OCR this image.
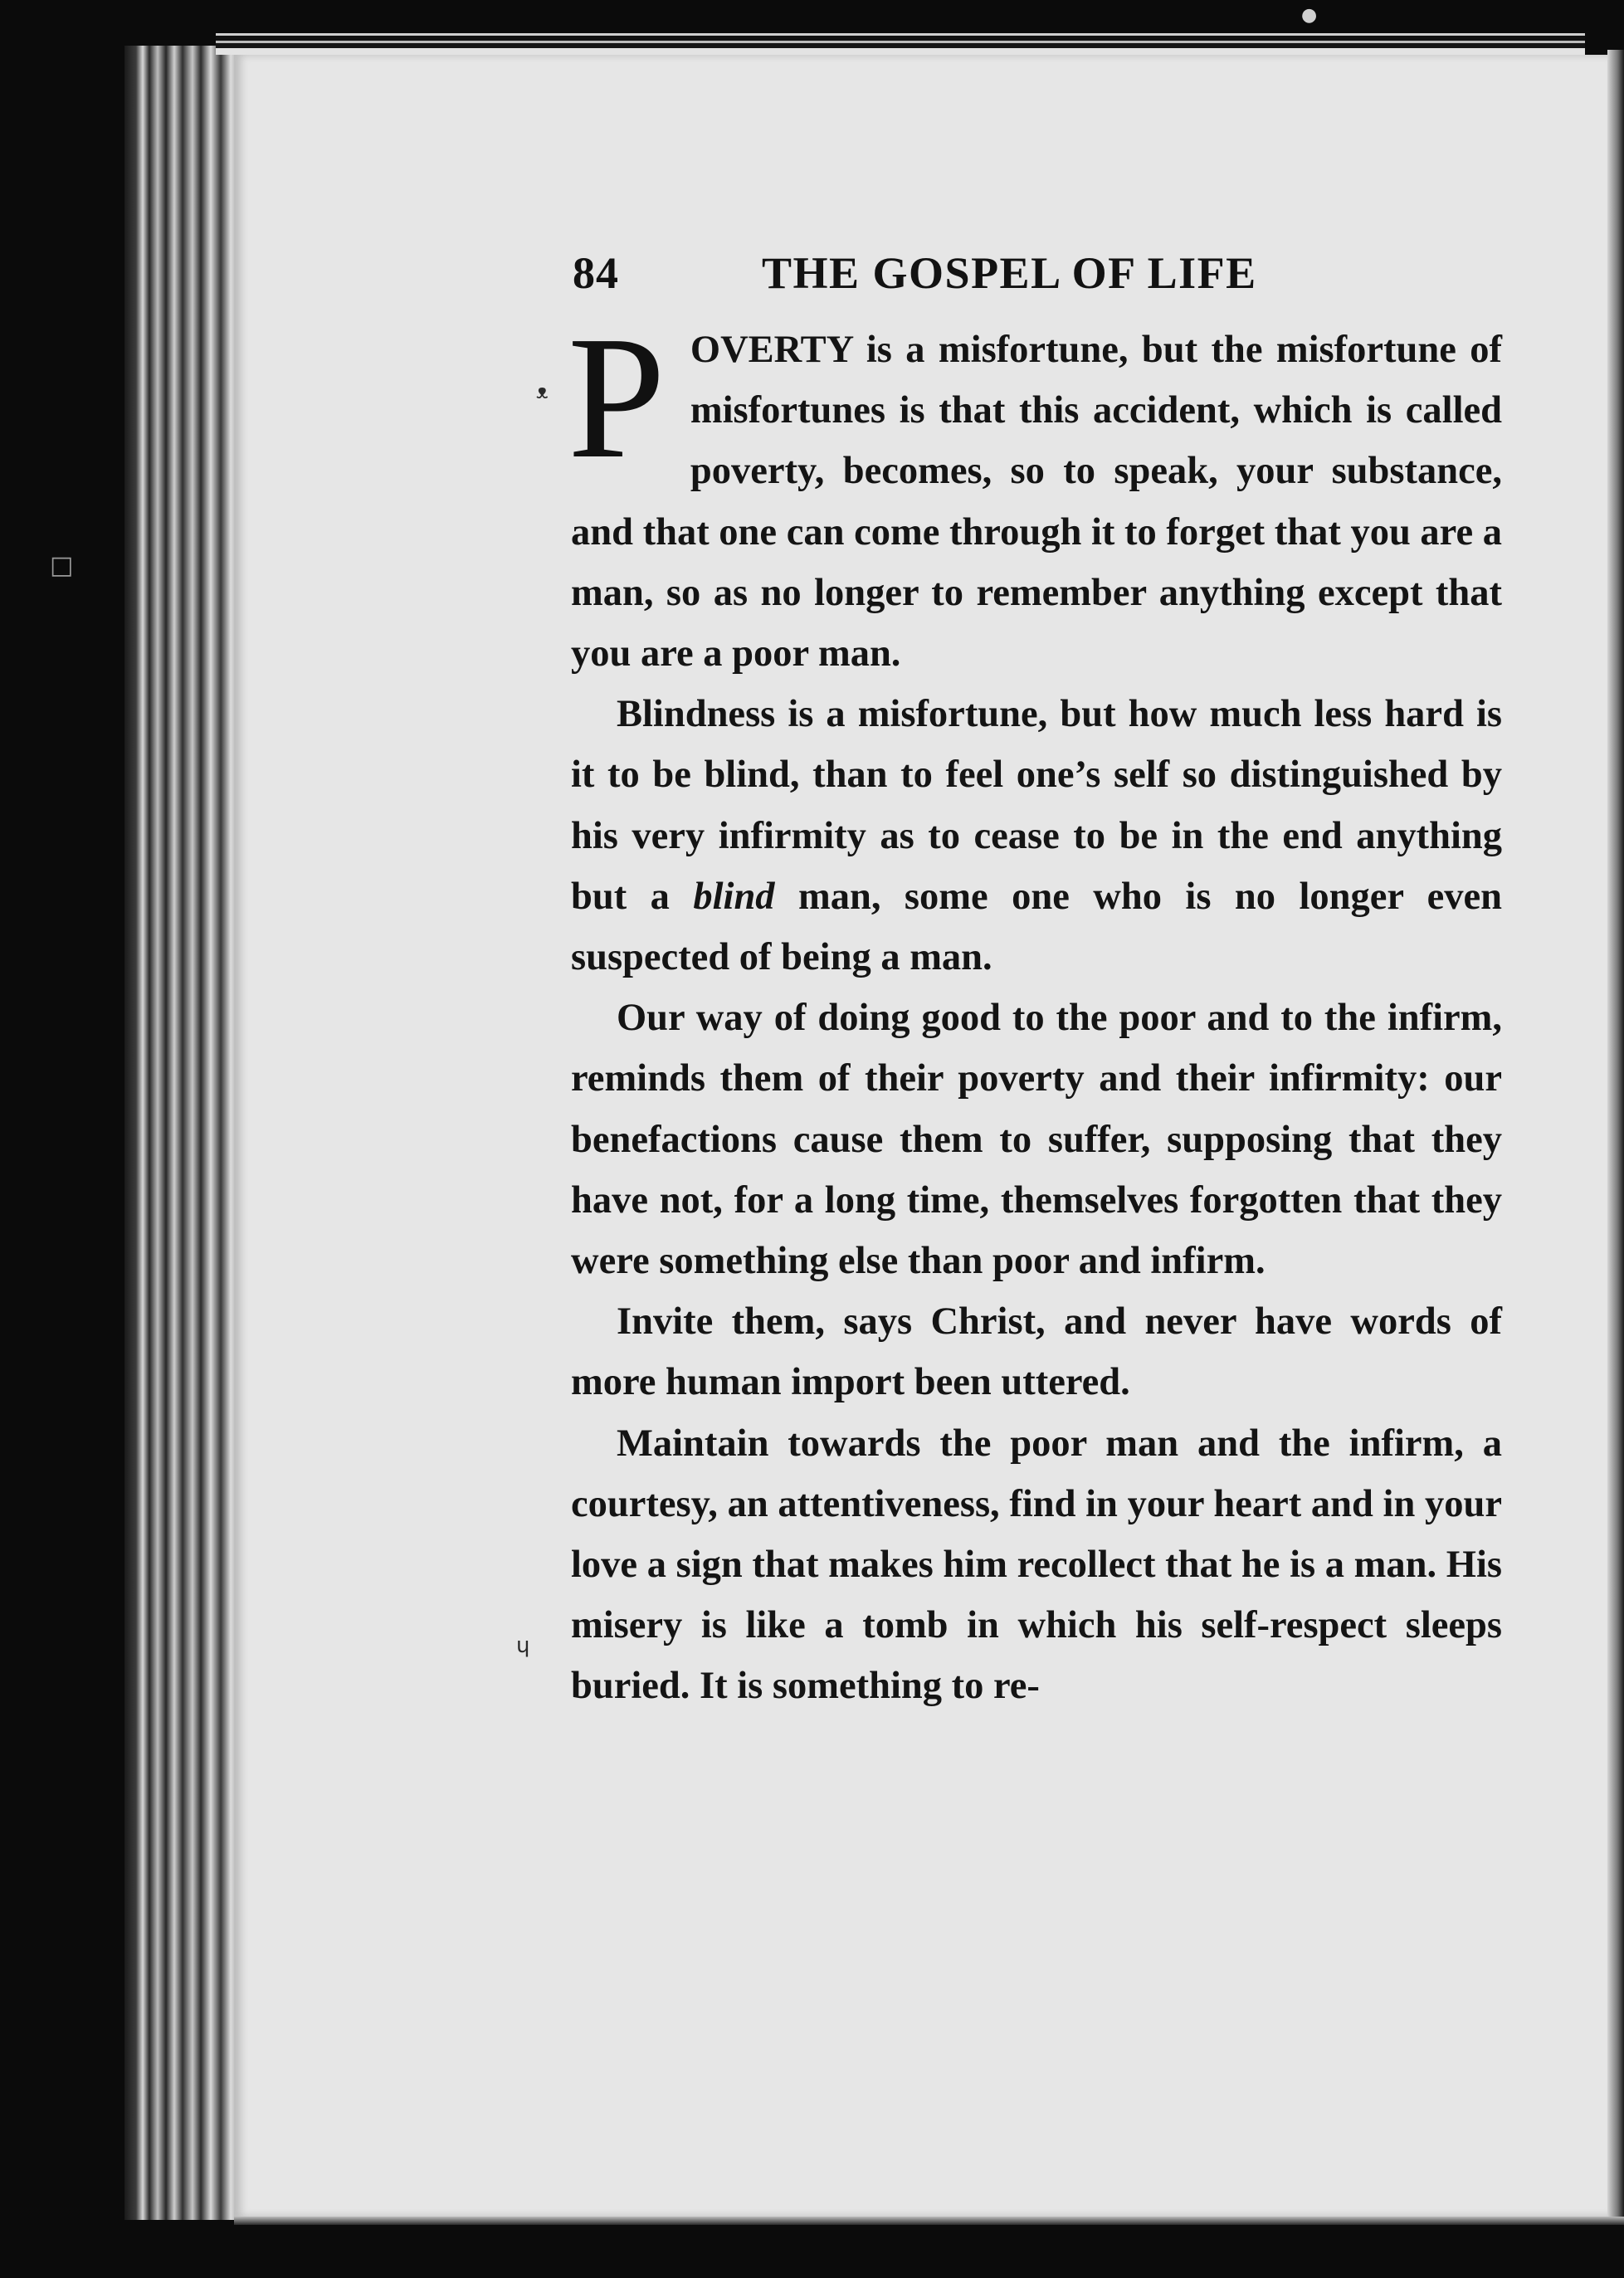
84	THE GOSPEL OF LIFE

POVERTY is a misfortune, but the misfortune of misfortunes is that this accident, which is called poverty, becomes, so to speak, your substance, and that one can come through it to forget that you are a man, so as no longer to remember anything except that you are a poor man.

Blindness is a misfortune, but how much less hard is it to be blind, than to feel one’s self so distinguished by his very infirmity as to cease to be in the end anything but a blind man, some one who is no longer even suspected of being a man.

Our way of doing good to the poor and to the infirm, reminds them of their poverty and their infirmity: our benefactions cause them to suffer, supposing that they have not, for a long time, themselves forgotten that they were something else than poor and infirm.

Invite them, says Christ, and never have words of more human import been uttered.

Maintain towards the poor man and the infirm, a courtesy, an attentiveness, find in your heart and in your love a sign that makes him recollect that he is a man. His misery is like a tomb in which his self-respect sleeps buried. It is something to re-

ᴥ
ɥ
●
□
